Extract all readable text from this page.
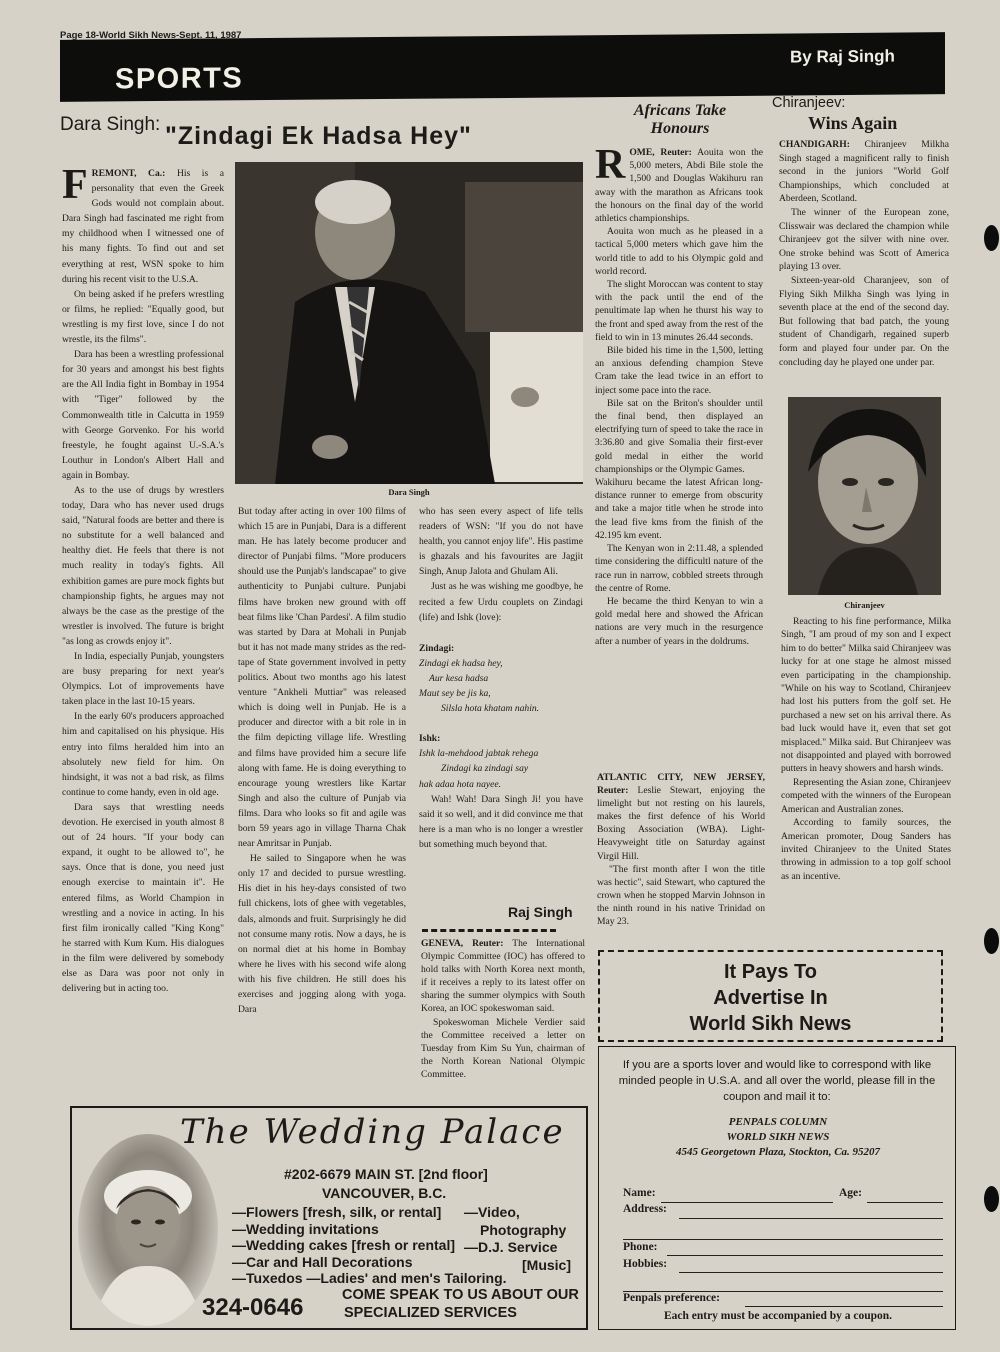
Page 18-World Sikh News-Sept. 11, 1987
SPORTS
By Raj Singh
Dara Singh: "Zindagi Ek Hadsa Hey"

FREMONT, Ca.: His is a personality that even the Greek Gods would not complain about. Dara Singh had fascinated me right from my childhood when I witnessed one of his many fights. To find out and set everything at rest, WSN spoke to him during his recent visit to the U.S.A.

On being asked if he prefers wrestling or films, he replied: "Equally good, but wrestling is my first love, since I do not wrestle, its the films".

Dara has been a wrestling professional for 30 years and amongst his best fights are the All India fight in Bombay in 1954 with "Tiger" followed by the Commonwealth title in Calcutta in 1959 with George Gorvenko. For his world freestyle, he fought against U.-S.A.'s Louthur in London's Albert Hall and again in Bombay.

As to the use of drugs by wrestlers today, Dara who has never used drugs said, "Natural foods are better and there is no substitute for a well balanced and healthy diet. He feels that there is not much reality in today's fights. All exhibition games are pure mock fights but championship fights, he argues may not always be the case as the prestige of the wrestler is involved. The future is bright "as long as crowds enjoy it".

In India, especially Punjab, youngsters are busy preparing for next year's Olympics. Lot of improvements have taken place in the last 10-15 years.

In the early 60's producers approached him and capitalised on his physique. His entry into films heralded him into an absolutely new field for him. On hindsight, it was not a bad risk, as films continue to come handy, even in old age.

Dara says that wrestling needs devotion. He exercised in youth almost 8 out of 24 hours. "If your body can expand, it ought to be allowed to", he says. Once that is done, you need just enough exercise to maintain it". He entered films, as World Champion in wrestling and a novice in acting. In his first film ironically called "King Kong" he starred with Kum Kum. His dialogues in the film were delivered by somebody else as Dara was poor not only in delivering but in acting too.

Dara Singh

But today after acting in over 100 films of which 15 are in Punjabi, Dara is a different man. He has lately become producer and director of Punjabi films. "More producers should use the Punjab's landscapae" to give authenticity to Punjabi culture. Punjabi films have broken new ground with off beat films like 'Chan Pardesi'. A film studio was started by Dara at Mohali in Punjab but it has not made many strides as the red-tape of State government involved in petty politics. About two months ago his latest venture "Ankheli Muttiar" was released which is doing well in Punjab. He is a producer and director with a bit role in in the film depicting village life. Wrestling and films have provided him a secure life along with fame. He is doing everything to encourage young wrestlers like Kartar Singh and also the culture of Punjab via films. Dara who looks so fit and agile was born 59 years ago in village Tharna Chak near Amritsar in Punjab.

He sailed to Singapore when he was only 17 and decided to pursue wrestling. His diet in his hey-days consisted of two full chickens, lots of ghee with vegetables, dals, almonds and fruit. Surprisingly he did not consume many rotis. Now a days, he is on normal diet at his home in Bombay where he lives with his second wife along with his five children. He still does his exercises and jogging along with yoga. Dara

who has seen every aspect of life tells readers of WSN: "If you do not have health, you cannot enjoy life". His pastime is ghazals and his favourites are Jagjit Singh, Anup Jalota and Ghulam Ali.

Just as he was wishing me goodbye, he recited a few Urdu couplets on Zindagi (life) and Ishk (love):

Zindagi:
Zindagi ek hadsa hey,
Aur kesa hadsa
Maut sey be jis ka,
Silsla hota khatam nahin.
Ishk:
Ishk la-mehdood jabtak rehega
Zindagi ka zindagi say
hak adaa hota nayee.

Wah! Wah! Dara Singh Ji! you have said it so well, and it did convince me that here is a man who is no longer a wrestler but something much beyond that.

Raj Singh

GENEVA, Reuter: The International Olympic Committee (IOC) has offered to hold talks with North Korea next month, if it receives a reply to its latest offer on sharing the summer olympics with South Korea, an IOC spokeswoman said.

Spokeswoman Michele Verdier said the Committee received a letter on Tuesday from Kim Su Yun, chairman of the North Korean National Olympic Committee.

Africans Take
Honours

ROME, Reuter: Aouita won the 5,000 meters, Abdi Bile stole the 1,500 and Douglas Wakihuru ran away with the marathon as Africans took the honours on the final day of the world athletics championships.

Aouita won much as he pleased in a tactical 5,000 meters which gave him the world title to add to his Olympic gold and world record.

The slight Moroccan was content to stay with the pack until the end of the penultimate lap when he thurst his way to the front and sped away from the rest of the field to win in 13 minutes 26.44 seconds.

Bile bided his time in the 1,500, letting an anxious defending champion Steve Cram take the lead twice in an effort to inject some pace into the race.

Bile sat on the Briton's shoulder until the final bend, then displayed an electrifying turn of speed to take the race in 3:36.80 and give Somalia their first-ever gold medal in either the world championships or the Olympic Games.

Wakihuru became the latest African long-distance runner to emerge from obscurity and take a major title when he strode into the lead five kms from the finish of the 42.195 km event.

The Kenyan won in 2:11.48, a splended time considering the difficultl nature of the race run in narrow, cobbled streets through the centre of Rome.

He became the third Kenyan to win a gold medal here and showed the African nations are very much in the resurgence after a number of years in the doldrums.

ATLANTIC CITY, NEW JERSEY, Reuter: Leslie Stewart, enjoying the limelight but not resting on his laurels, makes the first defence of his World Boxing Association (WBA). Light-Heavyweight title on Saturday against Virgil Hill.

"The first month after I won the title was hectic", said Stewart, who captured the crown when he stopped Marvin Johnson in the ninth round in his native Trinidad on May 23.

Chiranjeev:
Wins Again

CHANDIGARH: Chiranjeev Milkha Singh staged a magnificent rally to finish second in the juniors "World Golf Championships, which concluded at Aberdeen, Scotland.

The winner of the European zone, Clisswair was declared the champion while Chiranjeev got the silver with nine over. One stroke behind was Scott of America playing 13 over.

Sixteen-year-old Charanjeev, son of Flying Sikh Milkha Singh was lying in seventh place at the end of the second day. But following that bad patch, the young student of Chandigarh, regained superb form and played four under par. On the concluding day he played one under par.

Chiranjeev

Reacting to his fine performance, Milka Singh, "I am proud of my son and I expect him to do better" Milka said Chiranjeev was lucky for at one stage he almost missed even participating in the championship. "While on his way to Scotland, Chiranjeev had lost his putters from the golf set. He purchased a new set on his arrival there. As bad luck would have it, even that set got misplaced." Milka said. But Chiranjeev was not disappointed and played with borrowed putters in heavy showers and harsh winds.

Representing the Asian zone, Chiranjeev competed with the winners of the European American and Australian zones.

According to family sources, the American promoter, Doug Sanders has invited Chiranjeev to the United States throwing in admission to a top golf school as an incentive.

It Pays To
Advertise In
World Sikh News
If you are a sports lover and would like to correspond with like minded people in U.S.A. and all over the world, please fill in the coupon and mail it to:
PENPALS COLUMN
WORLD SIKH NEWS
4545 Georgetown Plaza, Stockton, Ca. 95207
Name:	Age:
Address:
Phone:
Hobbies:
Penpals preference:
Each entry must be accompanied by a coupon.
The Wedding Palace
#202-6679 MAIN ST. [2nd floor]
VANCOUVER, B.C.
—Flowers [fresh, silk, or rental]
—Wedding invitations
—Wedding cakes [fresh or rental]
—Car and Hall Decorations
—Tuxedos —Ladies' and men's Tailoring.
—Video,
Photography
—D.J. Service
[Music]
324-0646	COME SPEAK TO US ABOUT OUR
SPECIALIZED SERVICES
